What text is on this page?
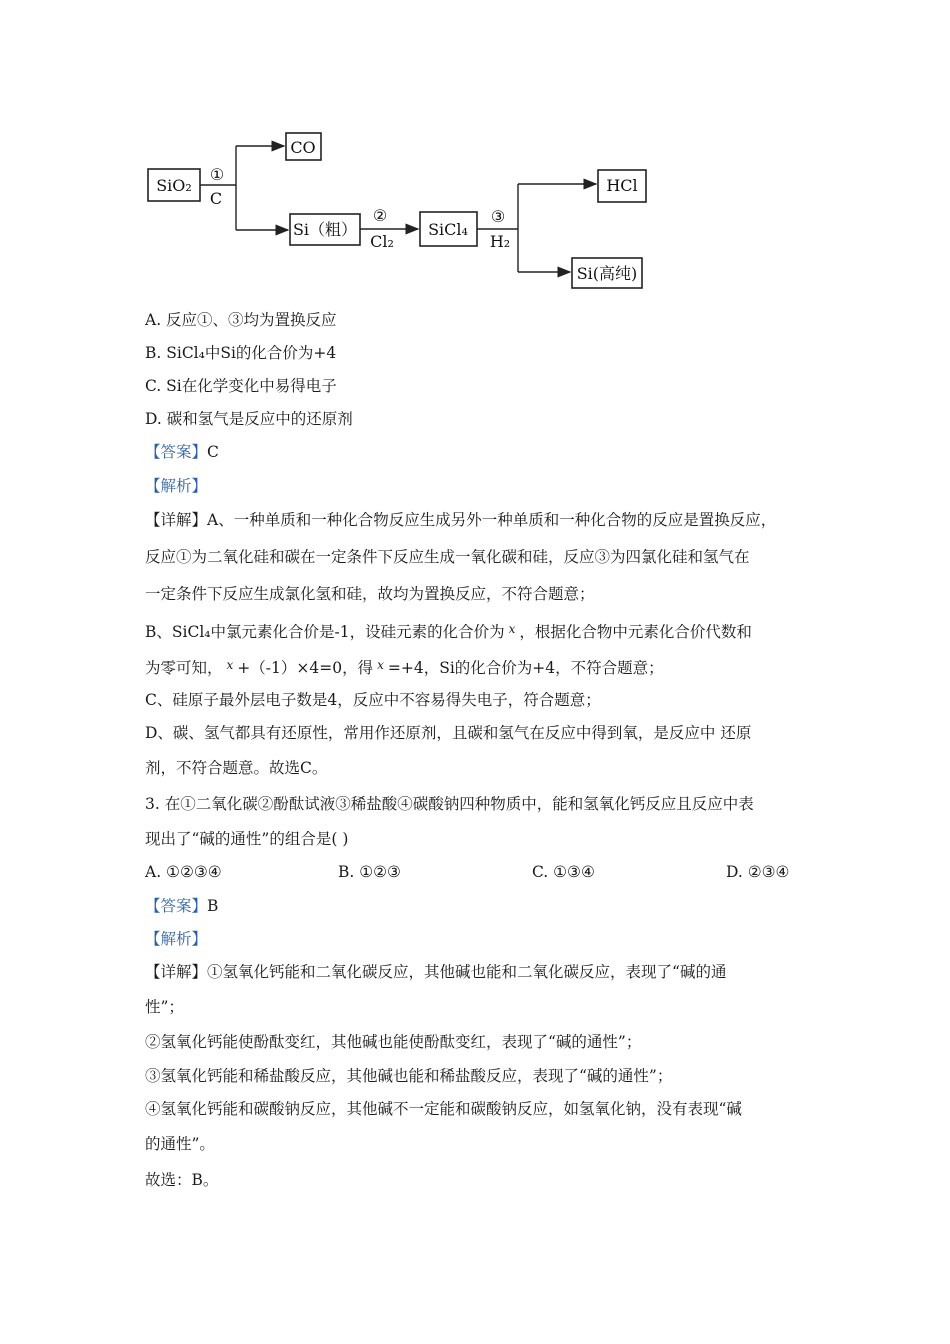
SiO₂
①
C
CO
Si（粗）
②
Cl₂
SiCl₄
③
H₂
HCl
Si(高纯)
A. 反应①、③均为置换反应
B. SiCl₄中Si的化合价为+4
C. Si在化学变化中易得电子
D. 碳和氢气是反应中的还原剂
【答案】C
【解析】
【详解】A、一种单质和一种化合物反应生成另外一种单质和一种化合物的反应是置换反应，
反应①为二氧化硅和碳在一定条件下反应生成一氧化碳和硅，反应③为四氯化硅和氢气在
一定条件下反应生成氯化氢和硅，故均为置换反应，不符合题意；
B、SiCl₄中氯元素化合价是-1，设硅元素的化合价为 $^x$ ，根据化合物中元素化合价代数和
为零可知， $^x$ +（-1）×4=0，得 $^x$ =+4，Si的化合价为+4，不符合题意；
C、硅原子最外层电子数是4，反应中不容易得失电子，符合题意；
D、碳、氢气都具有还原性，常用作还原剂，且碳和氢气在反应中得到氧，是反应中 还原
剂，不符合题意。故选C。
3. 在①二氧化碳②酚酞试液③稀盐酸④碳酸钠四种物质中，能和氢氧化钙反应且反应中表
现出了“碱的通性”的组合是( )
A. ①②③④	B. ①②③	C. ①③④	D. ②③④
【答案】B
【解析】
【详解】①氢氧化钙能和二氧化碳反应，其他碱也能和二氧化碳反应，表现了“碱的通
性”；
②氢氧化钙能使酚酞变红，其他碱也能使酚酞变红，表现了“碱的通性”；
③氢氧化钙能和稀盐酸反应，其他碱也能和稀盐酸反应，表现了“碱的通性”；
④氢氧化钙能和碳酸钠反应，其他碱不一定能和碳酸钠反应，如氢氧化钠，没有表现“碱
的通性”。
故选：B。
